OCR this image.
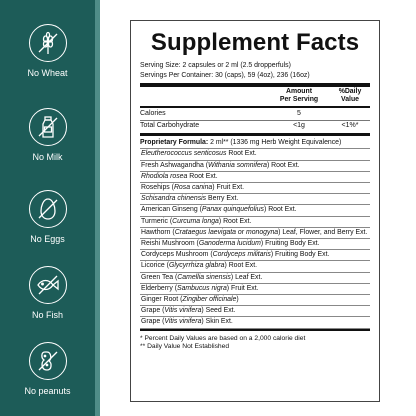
No Wheat
No Milk
No Eggs
No Fish
No peanuts
Supplement Facts
Serving Size: 2 capsules or 2 ml (2.5 dropperfuls)
Servings Per Container: 30 (caps), 59 (4oz), 236 (16oz)
Amount
Per Serving
%Daily
Value
Calories	5
Total Carbohydrate	<1g	<1%*
Proprietary Formula: 2 ml** (1336 mg Herb Weight Equivalence)
Eleutherococcus senticosus Root Ext.
Fresh Ashwagandha (Withania somnifera) Root Ext.
Rhodiola rosea Root Ext.
Rosehips (Rosa canina) Fruit Ext.
Schisandra chinensis Berry Ext.
American Ginseng (Panax quinquefolius) Root Ext.
Turmeric (Curcuma longa) Root Ext.
Hawthorn (Crataegus laevigata or monogyna) Leaf, Flower, and Berry Ext.
Reishi Mushroom (Ganoderma lucidum) Fruiting Body Ext.
Cordyceps Mushroom (Cordyceps militaris) Fruiting Body Ext.
Licorice (Glycyrrhiza glabra) Root Ext.
Green Tea (Camellia sinensis) Leaf Ext.
Elderberry (Sambucus nigra) Fruit Ext.
Ginger Root (Zingiber officinale)
Grape (Vitis vinifera) Seed Ext.
Grape (Vitis vinifera) Skin Ext.
* Percent Daily Values are based on a 2,000 calorie diet
** Daily Value Not Established
